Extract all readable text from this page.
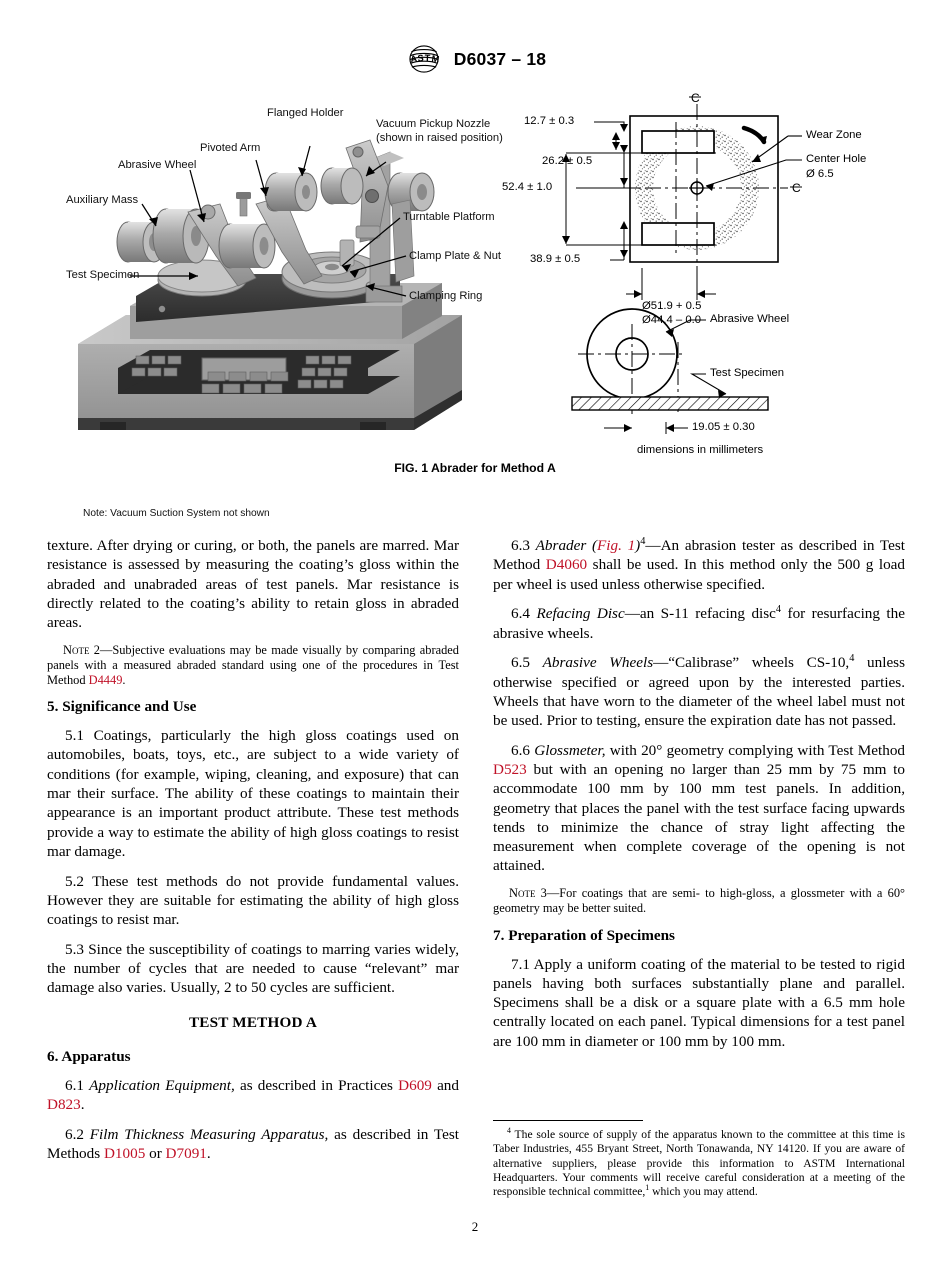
A S T M D6037 – 18
Flanged Holder
Vacuum Pickup Nozzle
(shown in raised position)
Pivoted Arm
Abrasive Wheel
Auxiliary Mass
Test Specimen
Turntable Platform
Clamp Plate & Nut
Clamping Ring
Note: Vacuum Suction System not shown
C
C
12.7 ± 0.3
26.2 ± 0.5
52.4 ± 1.0
38.9 ± 0.5
Ø51.9 + 0.5
Ø44.4 – 0.0
Wear Zone
Center Hole
Ø 6.5
Abrasive Wheel
Test Specimen
19.05 ± 0.30
dimensions in millimeters
FIG. 1 Abrader for Method A

texture. After drying or curing, or both, the panels are marred. Mar resistance is assessed by measuring the coating’s gloss within the abraded and unabraded areas of test panels. Mar resistance is directly related to the coating’s ability to retain gloss in abraded areas.

Note 2—Subjective evaluations may be made visually by comparing abraded panels with a measured abraded standard using one of the procedures in Test Method D4449.

5. Significance and Use

5.1 Coatings, particularly the high gloss coatings used on automobiles, boats, toys, etc., are subject to a wide variety of conditions (for example, wiping, cleaning, and exposure) that can mar their surface. The ability of these coatings to maintain their appearance is an important product attribute. These test methods provide a way to estimate the ability of high gloss coatings to resist mar damage.

5.2 These test methods do not provide fundamental values. However they are suitable for estimating the ability of high gloss coatings to resist mar.

5.3 Since the susceptibility of coatings to marring varies widely, the number of cycles that are needed to cause “relevant” mar damage also varies. Usually, 2 to 50 cycles are sufficient.

TEST METHOD A

6. Apparatus

6.1 Application Equipment, as described in Practices D609 and D823.

6.2 Film Thickness Measuring Apparatus, as described in Test Methods D1005 or D7091.

6.3 Abrader (Fig. 1)$^4$—An abrasion tester as described in Test Method D4060 shall be used. In this method only the 500 g load per wheel is used unless otherwise specified.

6.4 Refacing Disc—an S-11 refacing disc$^4$ for resurfacing the abrasive wheels.

6.5 Abrasive Wheels—“Calibrase” wheels CS-10,$^4$ unless otherwise specified or agreed upon by the interested parties. Wheels that have worn to the diameter of the wheel label must not be used. Prior to testing, ensure the expiration date has not passed.

6.6 Glossmeter, with 20° geometry complying with Test Method D523 but with an opening no larger than 25 mm by 75 mm to accommodate 100 mm by 100 mm test panels. In addition, geometry that places the panel with the test surface facing upwards tends to minimize the chance of stray light affecting the measurement when complete coverage of the opening is not attained.

Note 3—For coatings that are semi- to high-gloss, a glossmeter with a 60° geometry may be better suited.

7. Preparation of Specimens

7.1 Apply a uniform coating of the material to be tested to rigid panels having both surfaces substantially plane and parallel. Specimens shall be a disk or a square plate with a 6.5 mm hole centrally located on each panel. Typical dimensions for a test panel are 100 mm in diameter or 100 mm by 100 mm.

$^4$ The sole source of supply of the apparatus known to the committee at this time is Taber Industries, 455 Bryant Street, North Tonawanda, NY 14120. If you are aware of alternative suppliers, please provide this information to ASTM International Headquarters. Your comments will receive careful consideration at a meeting of the responsible technical committee,$^1$ which you may attend.

2
